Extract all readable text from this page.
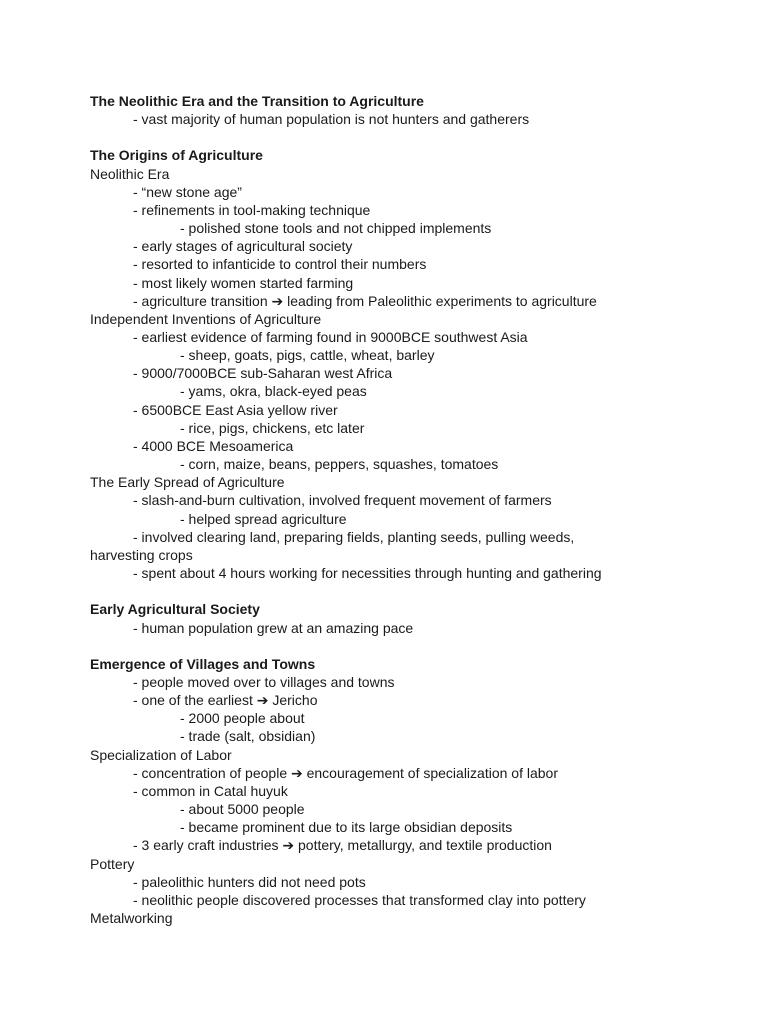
The Neolithic Era and the Transition to Agriculture
- vast majority of human population is not hunters and gatherers
The Origins of Agriculture
Neolithic Era
- “new stone age”
- refinements in tool-making technique
- polished stone tools and not chipped implements
- early stages of agricultural society
- resorted to infanticide to control their numbers
- most likely women started farming
- agriculture transition ➔ leading from Paleolithic experiments to agriculture
Independent Inventions of Agriculture
- earliest evidence of farming found in 9000BCE southwest Asia
- sheep, goats, pigs, cattle, wheat, barley
- 9000/7000BCE sub-Saharan west Africa
- yams, okra, black-eyed peas
- 6500BCE East Asia yellow river
- rice, pigs, chickens, etc later
- 4000 BCE Mesoamerica
- corn, maize, beans, peppers, squashes, tomatoes
The Early Spread of Agriculture
- slash-and-burn cultivation, involved frequent movement of farmers
- helped spread agriculture
- involved clearing land, preparing fields, planting seeds, pulling weeds,
harvesting crops
- spent about 4 hours working for necessities through hunting and gathering
Early Agricultural Society
- human population grew at an amazing pace
Emergence of Villages and Towns
- people moved over to villages and towns
- one of the earliest ➔ Jericho
- 2000 people about
- trade (salt, obsidian)
Specialization of Labor
- concentration of people ➔ encouragement of specialization of labor
- common in Catal huyuk
- about 5000 people
- became prominent due to its large obsidian deposits
- 3 early craft industries ➔ pottery, metallurgy, and textile production
Pottery
- paleolithic hunters did not need pots
- neolithic people discovered processes that transformed clay into pottery
Metalworking
